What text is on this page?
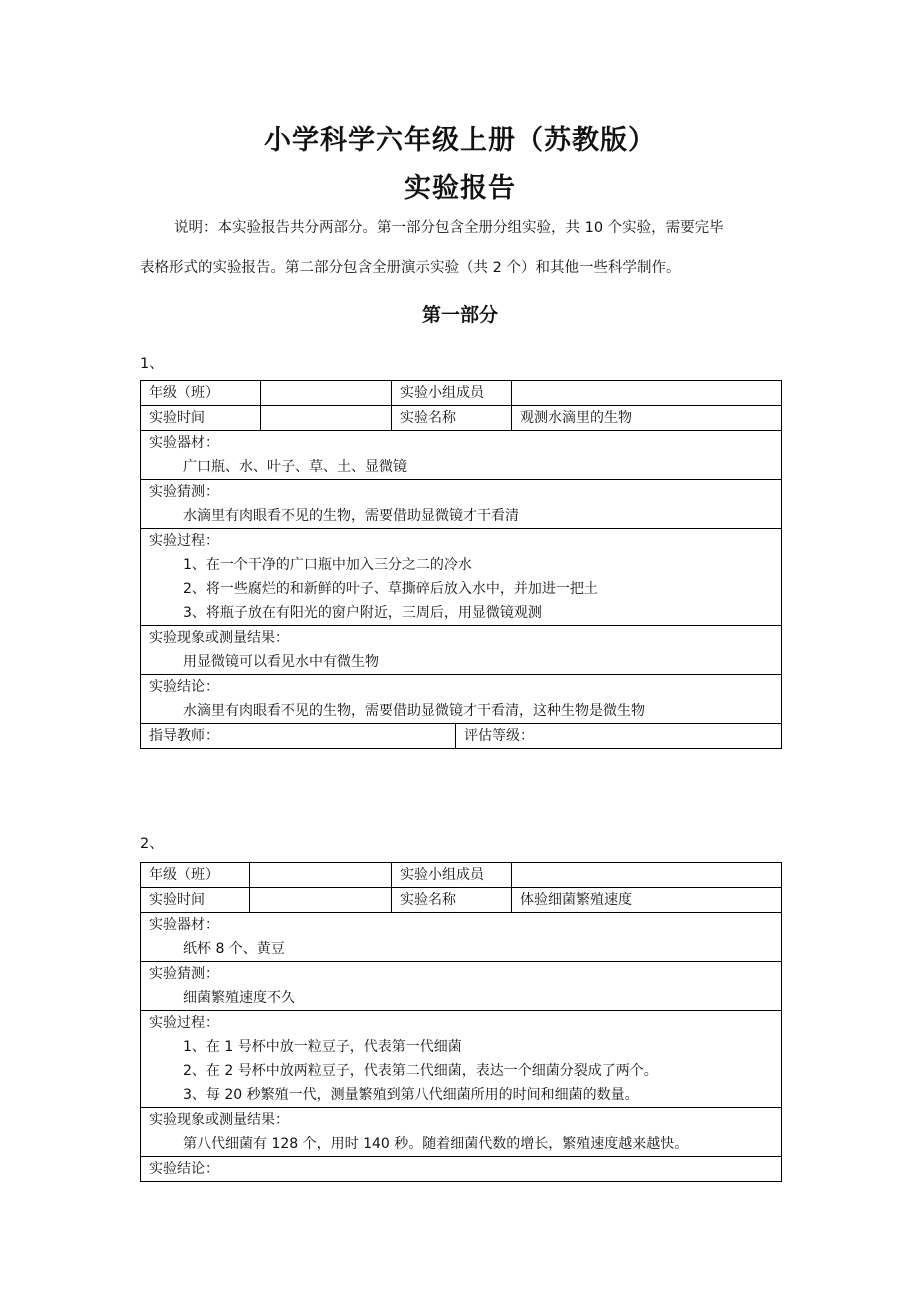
小学科学六年级上册（苏教版）
实验报告

说明：本实验报告共分两部分。第一部分包含全册分组实验，共 10 个实验，需要完毕

表格形式的实验报告。第二部分包含全册演示实验（共 2 个）和其他一些科学制作。

第一部分
1、
年级（班）		实验小组成员	
实验时间		实验名称	观测水滴里的生物

实验器材：
广口瓶、水、叶子、草、土、显微镜			

实验猜测：
水滴里有肉眼看不见的生物，需要借助显微镜才干看清			

实验过程：
1、在一个干净的广口瓶中加入三分之二的冷水
2、将一些腐烂的和新鲜的叶子、草撕碎后放入水中，并加进一把土
3、将瓶子放在有阳光的窗户附近，三周后，用显微镜观测			

实验现象或测量结果：
用显微镜可以看见水中有微生物			

实验结论：
水滴里有肉眼看不见的生物，需要借助显微镜才干看清，这种生物是微生物			

指导教师： 评估等级：			
2、
年级（班）		实验小组成员	
实验时间		实验名称	体验细菌繁殖速度

实验器材：
纸杯 8 个、黄豆			

实验猜测：
细菌繁殖速度不久			

实验过程：
1、在 1 号杯中放一粒豆子，代表第一代细菌
2、在 2 号杯中放两粒豆子，代表第二代细菌，表达一个细菌分裂成了两个。
3、每 20 秒繁殖一代，测量繁殖到第八代细菌所用的时间和细菌的数量。			

实验现象或测量结果：
第八代细菌有 128 个，用时 140 秒。随着细菌代数的增长，繁殖速度越来越快。			

实验结论：			
